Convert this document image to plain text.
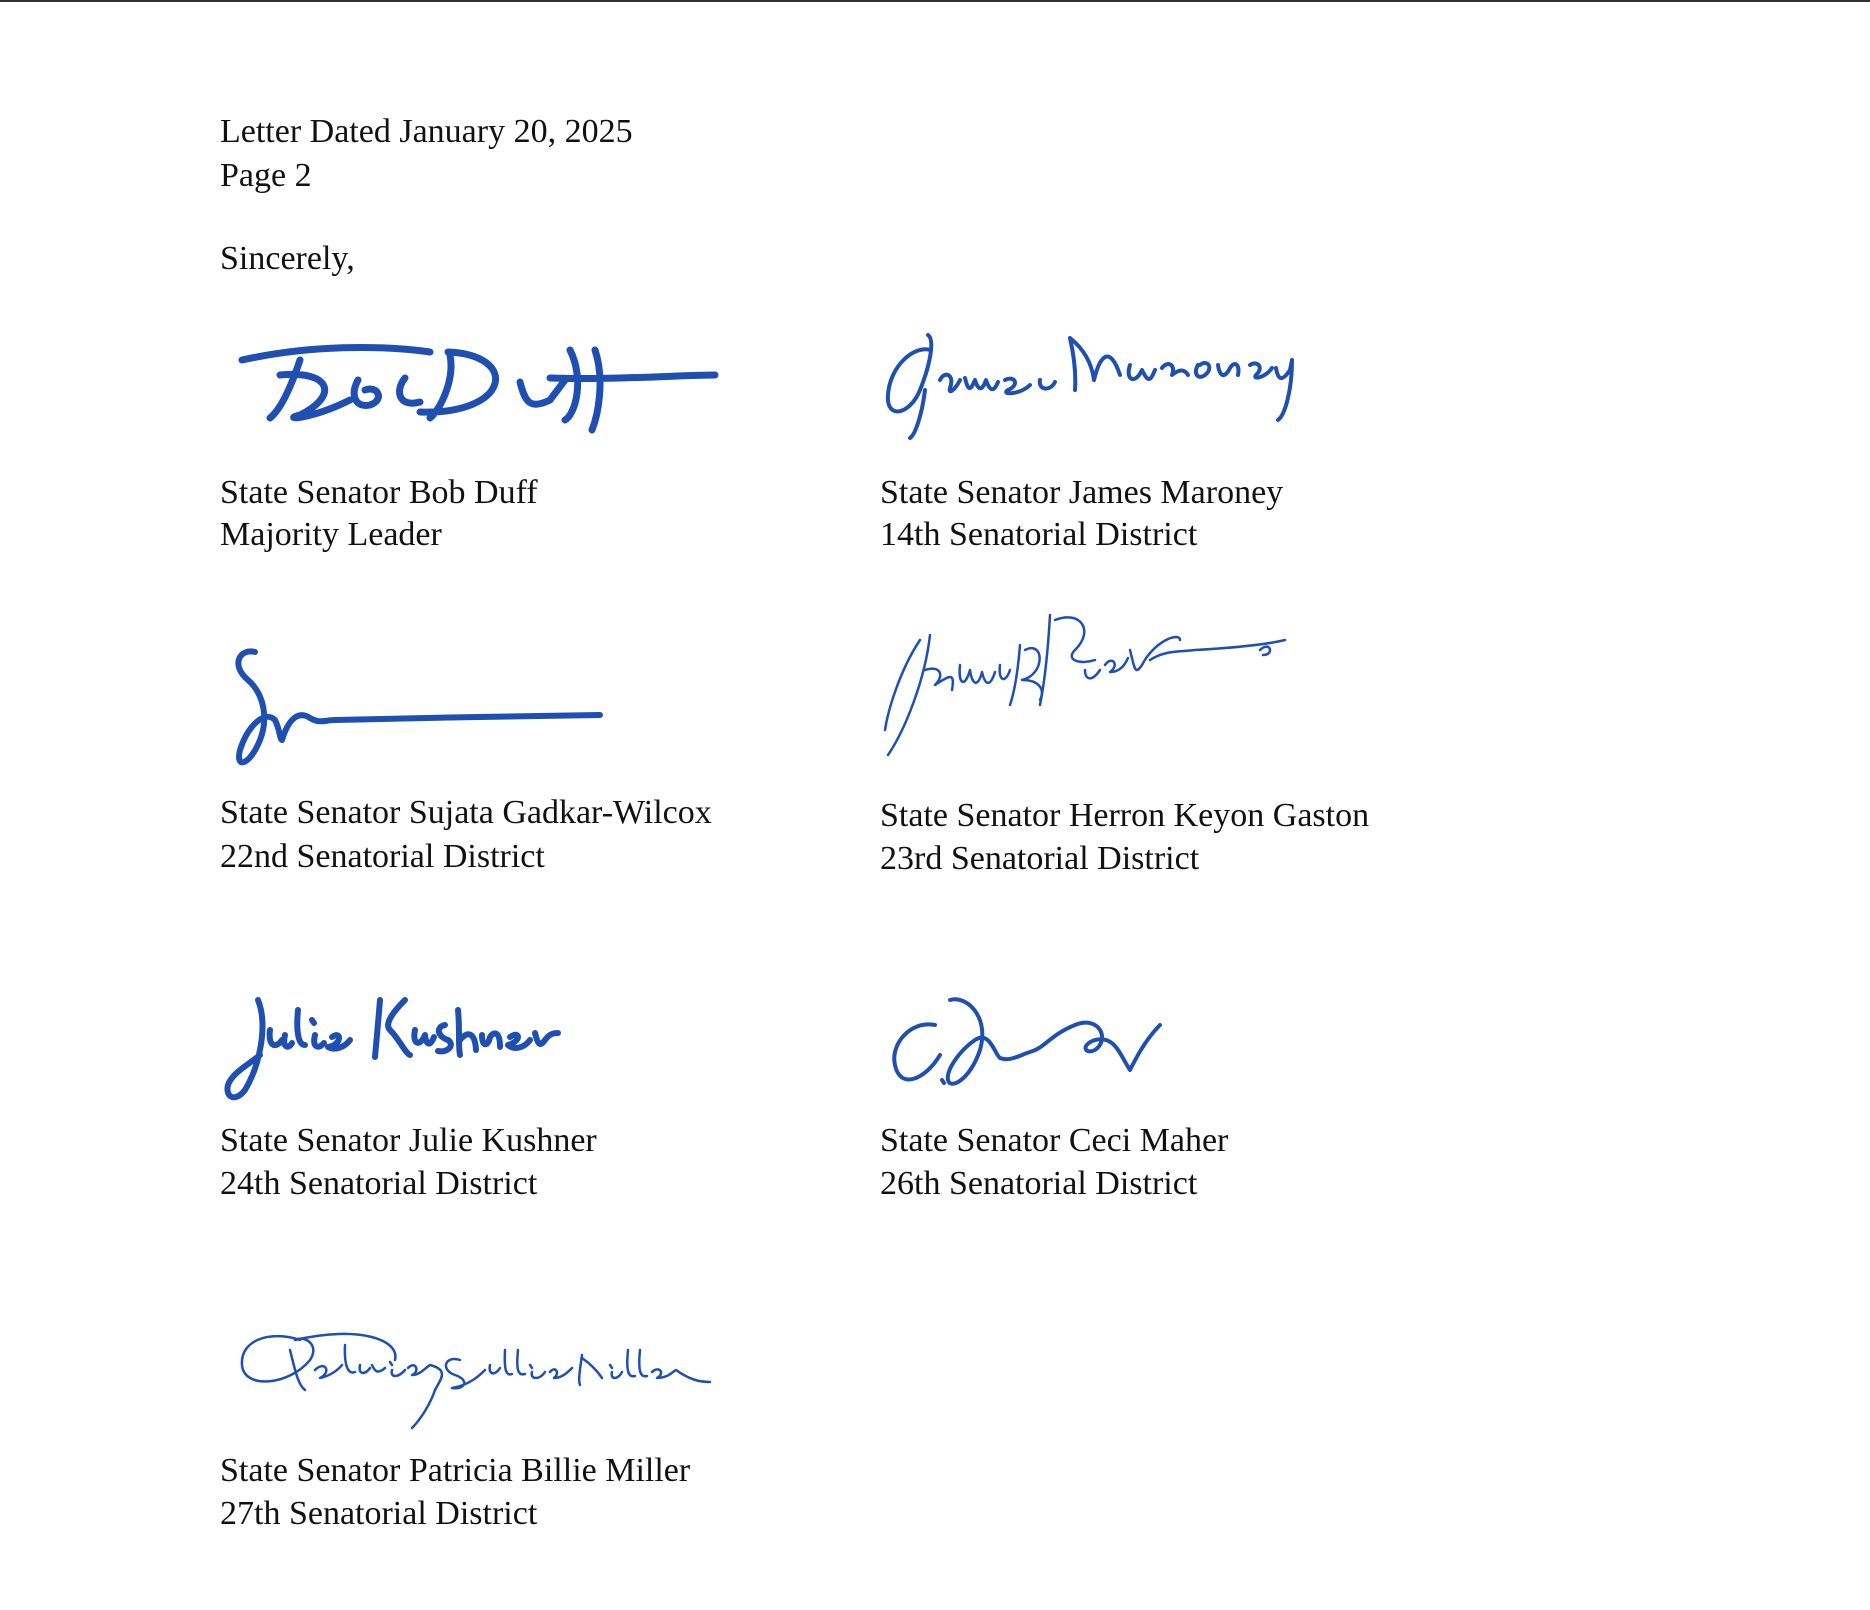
Letter Dated January 20, 2025
Page 2
Sincerely,
State Senator Bob Duff
Majority Leader
State Senator James Maroney
14th Senatorial District
State Senator Sujata Gadkar-Wilcox
22nd Senatorial District
State Senator Herron Keyon Gaston
23rd Senatorial District
State Senator Julie Kushner
24th Senatorial District
State Senator Ceci Maher
26th Senatorial District
State Senator Patricia Billie Miller
27th Senatorial District
